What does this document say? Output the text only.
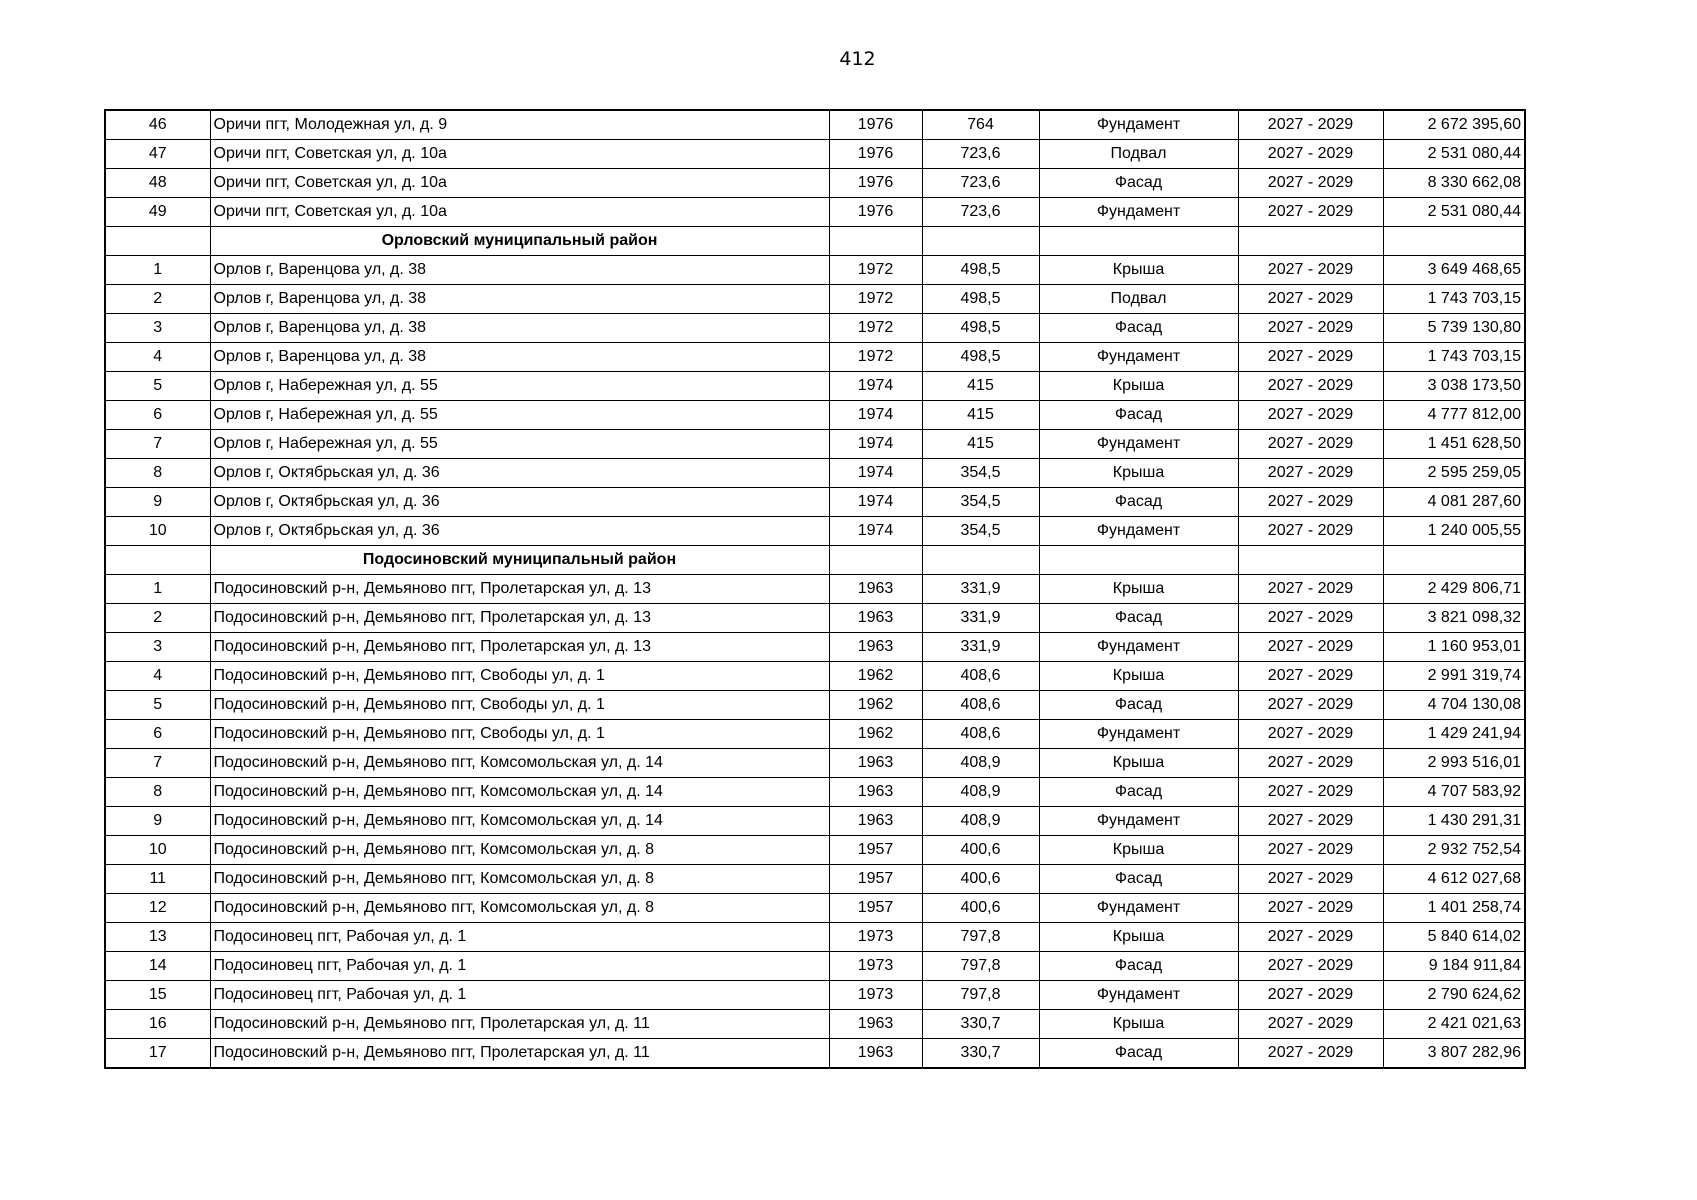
412
46	Оричи пгт, Молодежная ул, д. 9	1976	764	Фундамент	2027 - 2029	2 672 395,60
47	Оричи пгт, Советская ул, д. 10а	1976	723,6	Подвал	2027 - 2029	2 531 080,44
48	Оричи пгт, Советская ул, д. 10а	1976	723,6	Фасад	2027 - 2029	8 330 662,08
49	Оричи пгт, Советская ул, д. 10а	1976	723,6	Фундамент	2027 - 2029	2 531 080,44
	Орловский муниципальный район					
1	Орлов г, Варенцова ул, д. 38	1972	498,5	Крыша	2027 - 2029	3 649 468,65
2	Орлов г, Варенцова ул, д. 38	1972	498,5	Подвал	2027 - 2029	1 743 703,15
3	Орлов г, Варенцова ул, д. 38	1972	498,5	Фасад	2027 - 2029	5 739 130,80
4	Орлов г, Варенцова ул, д. 38	1972	498,5	Фундамент	2027 - 2029	1 743 703,15
5	Орлов г, Набережная ул, д. 55	1974	415	Крыша	2027 - 2029	3 038 173,50
6	Орлов г, Набережная ул, д. 55	1974	415	Фасад	2027 - 2029	4 777 812,00
7	Орлов г, Набережная ул, д. 55	1974	415	Фундамент	2027 - 2029	1 451 628,50
8	Орлов г, Октябрьская ул, д. 36	1974	354,5	Крыша	2027 - 2029	2 595 259,05
9	Орлов г, Октябрьская ул, д. 36	1974	354,5	Фасад	2027 - 2029	4 081 287,60
10	Орлов г, Октябрьская ул, д. 36	1974	354,5	Фундамент	2027 - 2029	1 240 005,55
	Подосиновский муниципальный район					
1	Подосиновский р-н, Демьяново пгт, Пролетарская ул, д. 13	1963	331,9	Крыша	2027 - 2029	2 429 806,71
2	Подосиновский р-н, Демьяново пгт, Пролетарская ул, д. 13	1963	331,9	Фасад	2027 - 2029	3 821 098,32
3	Подосиновский р-н, Демьяново пгт, Пролетарская ул, д. 13	1963	331,9	Фундамент	2027 - 2029	1 160 953,01
4	Подосиновский р-н, Демьяново пгт, Свободы ул, д. 1	1962	408,6	Крыша	2027 - 2029	2 991 319,74
5	Подосиновский р-н, Демьяново пгт, Свободы ул, д. 1	1962	408,6	Фасад	2027 - 2029	4 704 130,08
6	Подосиновский р-н, Демьяново пгт, Свободы ул, д. 1	1962	408,6	Фундамент	2027 - 2029	1 429 241,94
7	Подосиновский р-н, Демьяново пгт, Комсомольская ул, д. 14	1963	408,9	Крыша	2027 - 2029	2 993 516,01
8	Подосиновский р-н, Демьяново пгт, Комсомольская ул, д. 14	1963	408,9	Фасад	2027 - 2029	4 707 583,92
9	Подосиновский р-н, Демьяново пгт, Комсомольская ул, д. 14	1963	408,9	Фундамент	2027 - 2029	1 430 291,31
10	Подосиновский р-н, Демьяново пгт, Комсомольская ул, д. 8	1957	400,6	Крыша	2027 - 2029	2 932 752,54
11	Подосиновский р-н, Демьяново пгт, Комсомольская ул, д. 8	1957	400,6	Фасад	2027 - 2029	4 612 027,68
12	Подосиновский р-н, Демьяново пгт, Комсомольская ул, д. 8	1957	400,6	Фундамент	2027 - 2029	1 401 258,74
13	Подосиновец пгт, Рабочая ул, д. 1	1973	797,8	Крыша	2027 - 2029	5 840 614,02
14	Подосиновец пгт, Рабочая ул, д. 1	1973	797,8	Фасад	2027 - 2029	9 184 911,84
15	Подосиновец пгт, Рабочая ул, д. 1	1973	797,8	Фундамент	2027 - 2029	2 790 624,62
16	Подосиновский р-н, Демьяново пгт, Пролетарская ул, д. 11	1963	330,7	Крыша	2027 - 2029	2 421 021,63
17	Подосиновский р-н, Демьяново пгт, Пролетарская ул, д. 11	1963	330,7	Фасад	2027 - 2029	3 807 282,96
